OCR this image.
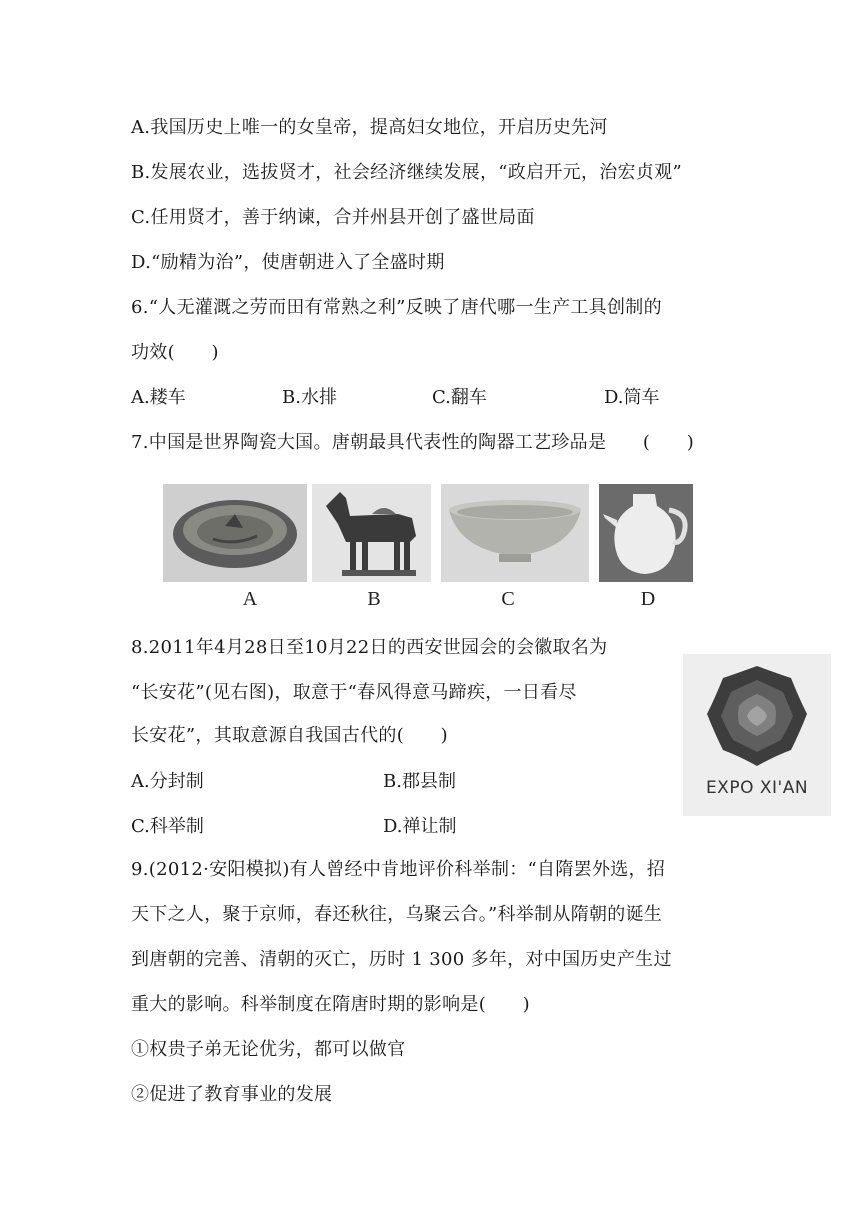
A.我国历史上唯一的女皇帝，提高妇女地位，开启历史先河
B.发展农业，选拔贤才，社会经济继续发展，“政启开元，治宏贞观”
C.任用贤才，善于纳谏，合并州县开创了盛世局面
D.“励精为治”，使唐朝进入了全盛时期
6.“人无灌溉之劳而田有常熟之利”反映了唐代哪一生产工具创制的
功效(　　)
A.耧车	B.水排	C.翻车	D.筒车
7.中国是世界陶瓷大国。唐朝最具代表性的陶器工艺珍品是　　(　　)
A	B	C	D
8.2011年4月28日至10月22日的西安世园会的会徽取名为
“长安花”(见右图)，取意于“春风得意马蹄疾，一日看尽
长安花”，其取意源自我国古代的(　　)
A.分封制	B.郡县制
C.科举制	D.禅让制
EXPO XI'AN
9.(2012·安阳模拟)有人曾经中肯地评价科举制：“自隋罢外选，招
天下之人，聚于京师，春还秋往，乌聚云合。”科举制从隋朝的诞生
到唐朝的完善、清朝的灭亡，历时 1 300 多年，对中国历史产生过
重大的影响。科举制度在隋唐时期的影响是(　　)
①权贵子弟无论优劣，都可以做官
②促进了教育事业的发展
